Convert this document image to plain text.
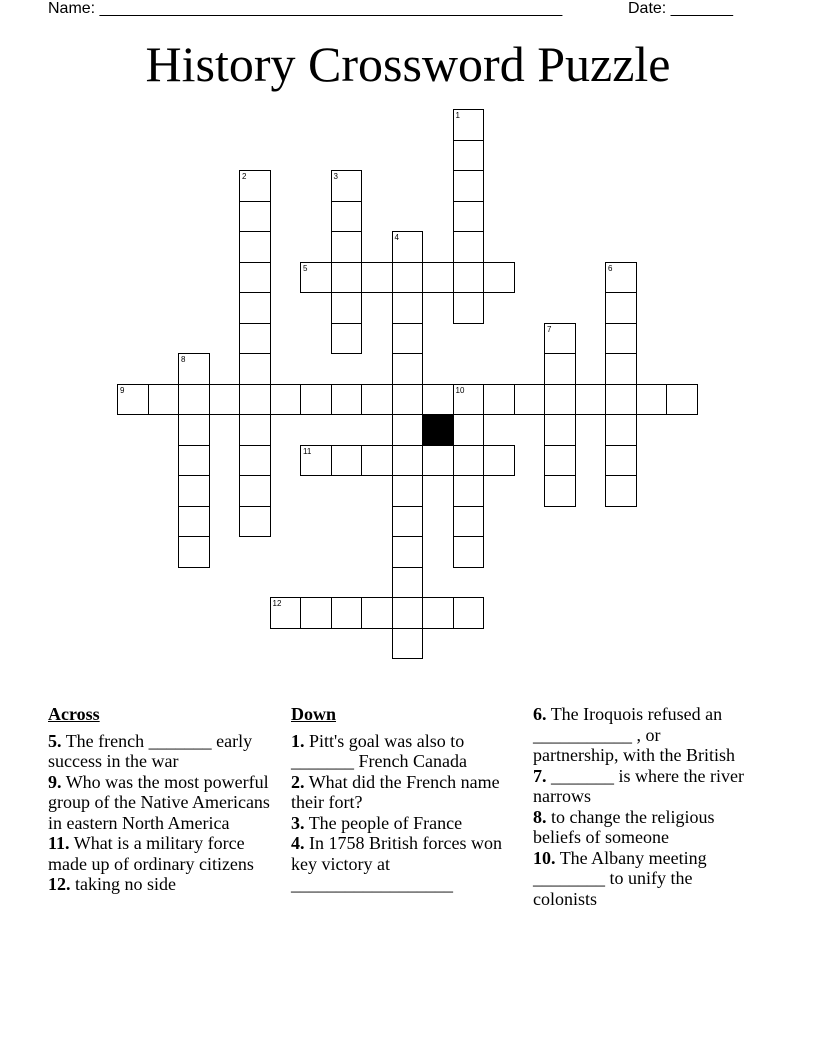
Name: ____________________________________________________	Date: _______
History Crossword Puzzle
1
2	3
4
5	6
7
8
9	10
11
12
Across
5. The french _______ early success in the war
9. Who was the most powerful group of the Native Americans in eastern North America
11. What is a military force made up of ordinary citizens
12. taking no side
Down
1. Pitt's goal was also to _______ French Canada
2. What did the French name their fort?
3. The people of France
4. In 1758 British forces won key victory at __________________
6. The Iroquois refused an ___________ , or partnership, with the British
7. _______ is where the river narrows
8. to change the religious beliefs of someone
10. The Albany meeting ________ to unify the colonists
